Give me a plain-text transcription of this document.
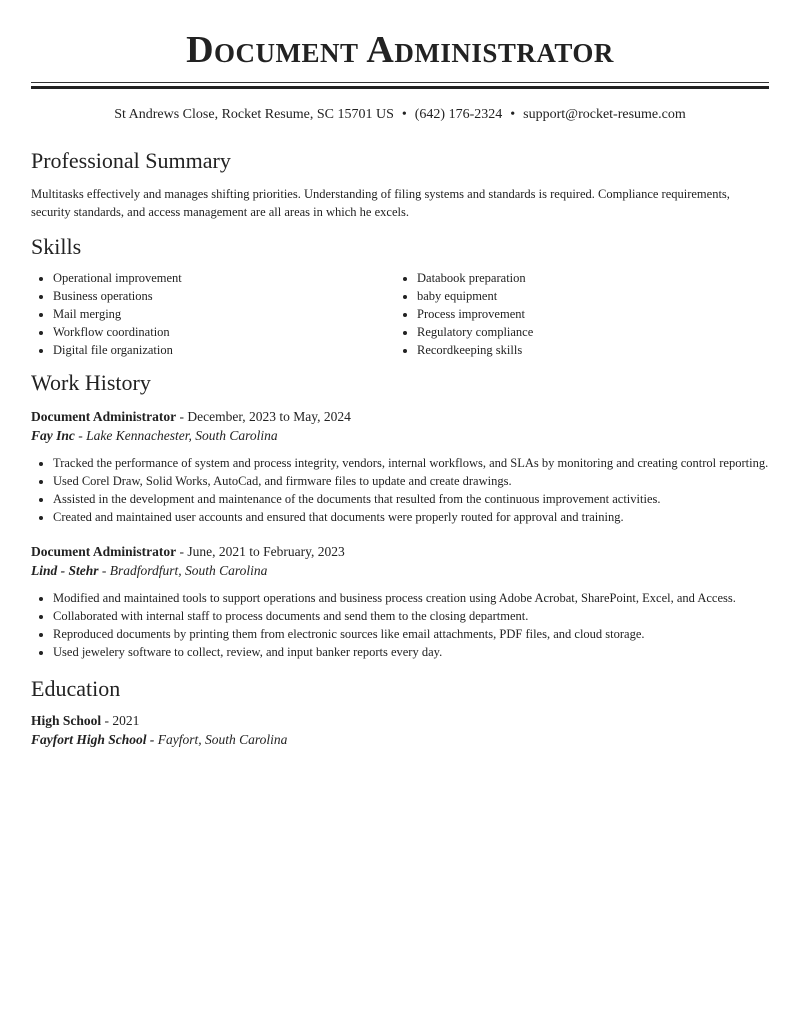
Document Administrator
St Andrews Close, Rocket Resume, SC 15701 US • (642) 176-2324 • support@rocket-resume.com
Professional Summary
Multitasks effectively and manages shifting priorities. Understanding of filing systems and standards is required. Compliance requirements, security standards, and access management are all areas in which he excels.
Skills
Operational improvement
Business operations
Mail merging
Workflow coordination
Digital file organization
Databook preparation
baby equipment
Process improvement
Regulatory compliance
Recordkeeping skills
Work History
Document Administrator - December, 2023 to May, 2024
Fay Inc - Lake Kennachester, South Carolina
Tracked the performance of system and process integrity, vendors, internal workflows, and SLAs by monitoring and creating control reporting.
Used Corel Draw, Solid Works, AutoCad, and firmware files to update and create drawings.
Assisted in the development and maintenance of the documents that resulted from the continuous improvement activities.
Created and maintained user accounts and ensured that documents were properly routed for approval and training.
Document Administrator - June, 2021 to February, 2023
Lind - Stehr - Bradfordfurt, South Carolina
Modified and maintained tools to support operations and business process creation using Adobe Acrobat, SharePoint, Excel, and Access.
Collaborated with internal staff to process documents and send them to the closing department.
Reproduced documents by printing them from electronic sources like email attachments, PDF files, and cloud storage.
Used jewelery software to collect, review, and input banker reports every day.
Education
High School - 2021
Fayfort High School - Fayfort, South Carolina
